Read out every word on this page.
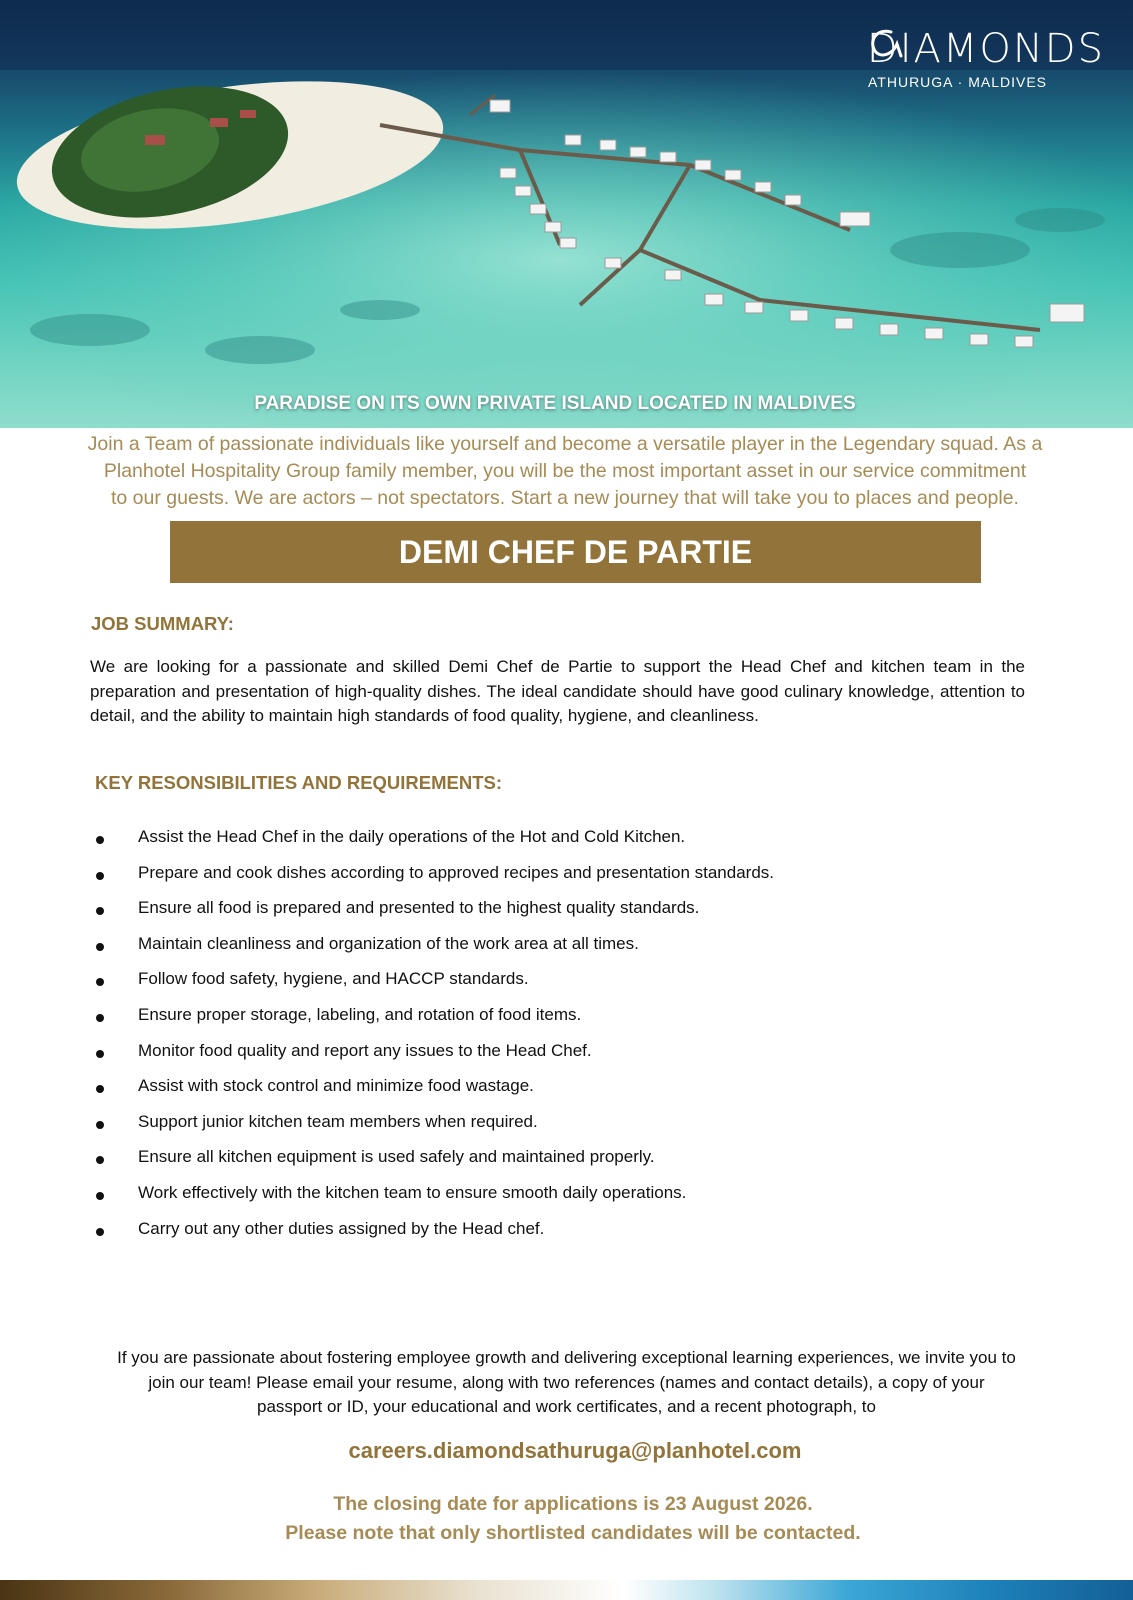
DIAMONDS
ATHURUGA · MALDIVES
PARADISE ON ITS OWN PRIVATE ISLAND LOCATED IN MALDIVES
Join a Team of passionate individuals like yourself and become a versatile player in the Legendary squad. As a
Planhotel Hospitality Group family member, you will be the most important asset in our service commitment
to our guests. We are actors – not spectators. Start a new journey that will take you to places and people.
DEMI CHEF DE PARTIE
JOB SUMMARY:
We are looking for a passionate and skilled Demi Chef de Partie to support the Head Chef and kitchen team in the preparation and presentation of high-quality dishes. The ideal candidate should have good culinary knowledge, attention to detail, and the ability to maintain high standards of food quality, hygiene, and cleanliness.
KEY RESONSIBILITIES AND REQUIREMENTS:
Assist the Head Chef in the daily operations of the Hot and Cold Kitchen.
Prepare and cook dishes according to approved recipes and presentation standards.
Ensure all food is prepared and presented to the highest quality standards.
Maintain cleanliness and organization of the work area at all times.
Follow food safety, hygiene, and HACCP standards.
Ensure proper storage, labeling, and rotation of food items.
Monitor food quality and report any issues to the Head Chef.
Assist with stock control and minimize food wastage.
Support junior kitchen team members when required.
Ensure all kitchen equipment is used safely and maintained properly.
Work effectively with the kitchen team to ensure smooth daily operations.
Carry out any other duties assigned by the Head chef.
If you are passionate about fostering employee growth and delivering exceptional learning experiences, we invite you to
join our team! Please email your resume, along with two references (names and contact details), a copy of your
passport or ID, your educational and work certificates, and a recent photograph, to
careers.diamondsathuruga@planhotel.com
The closing date for applications is 23 August 2026.
Please note that only shortlisted candidates will be contacted.
